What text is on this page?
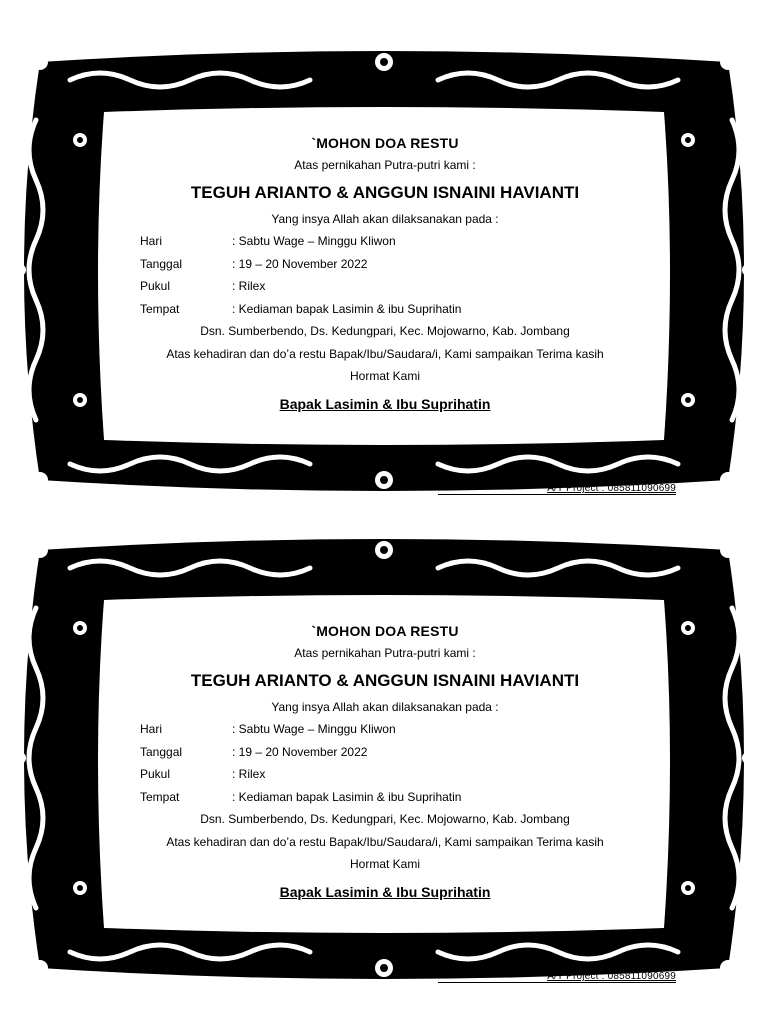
`MOHON DOA RESTU
Atas pernikahan Putra-putri kami :
TEGUH ARIANTO & ANGGUN ISNAINI HAVIANTI
Yang insya Allah akan dilaksanakan pada :
Hari	: Sabtu Wage – Minggu Kliwon
Tanggal	: 19 – 20 November 2022
Pukul	: Rilex
Tempat	: Kediaman bapak Lasimin & ibu Suprihatin
Dsn. Sumberbendo, Ds. Kedungpari, Kec. Mojowarno, Kab. Jombang
Atas kehadiran dan do’a restu Bapak/Ibu/Saudara/i, Kami sampaikan Terima kasih
Hormat Kami
Bapak Lasimin & Ibu Suprihatin
A/T Project : 085811090699
`MOHON DOA RESTU
Atas pernikahan Putra-putri kami :
TEGUH ARIANTO & ANGGUN ISNAINI HAVIANTI
Yang insya Allah akan dilaksanakan pada :
Hari	: Sabtu Wage – Minggu Kliwon
Tanggal	: 19 – 20 November 2022
Pukul	: Rilex
Tempat	: Kediaman bapak Lasimin & ibu Suprihatin
Dsn. Sumberbendo, Ds. Kedungpari, Kec. Mojowarno, Kab. Jombang
Atas kehadiran dan do’a restu Bapak/Ibu/Saudara/i, Kami sampaikan Terima kasih
Hormat Kami
Bapak Lasimin & Ibu Suprihatin
A/T Project : 085811090699
